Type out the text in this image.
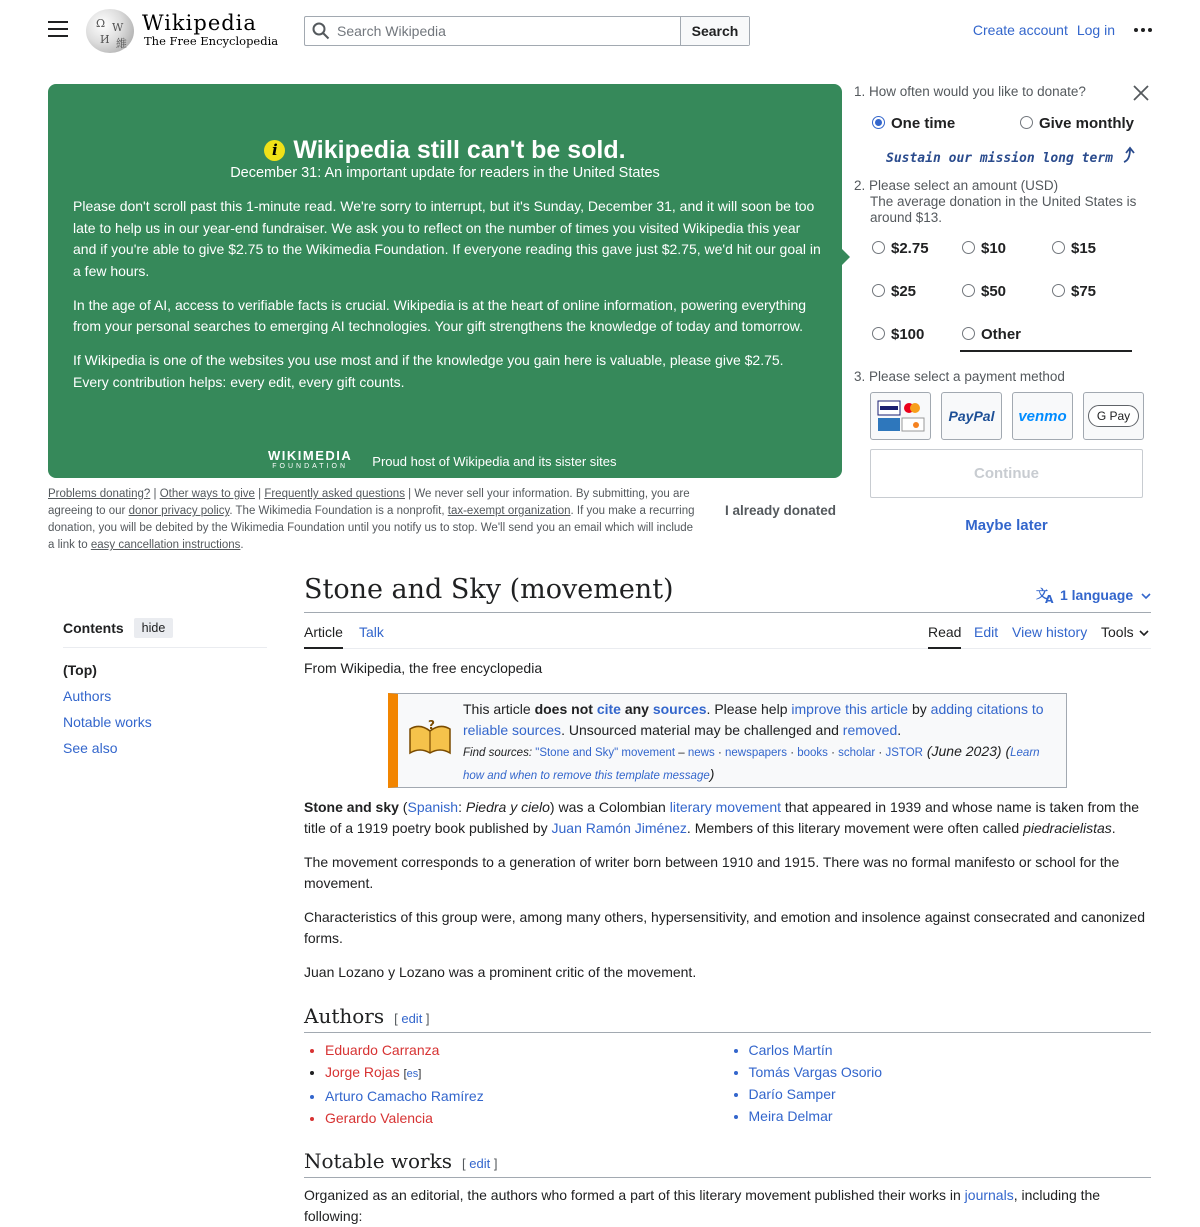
Ω W
И 維
Wikipedia
The Free Encyclopedia
Search Wikipedia
Search	Create account Log in
i Wikipedia still can't be sold.
December 31: An important update for readers in the United States

Please don't scroll past this 1-minute read. We're sorry to interrupt, but it's Sunday, December 31, and it will soon be too late to help us in our year-end fundraiser. We ask you to reflect on the number of times you visited Wikipedia this year and if you're able to give $2.75 to the Wikimedia Foundation. If everyone reading this gave just $2.75, we'd hit our goal in a few hours.

In the age of AI, access to verifiable facts is crucial. Wikipedia is at the heart of online information, powering everything from your personal searches to emerging AI technologies. Your gift strengthens the knowledge of today and tomorrow.

If Wikipedia is one of the websites you use most and if the knowledge you gain here is valuable, please give $2.75. Every contribution helps: every edit, every gift counts.

WIKIMEDIA
FOUNDATION	Proud host of Wikipedia and its sister sites
Problems donating? | Other ways to give | Frequently asked questions | We never sell your information. By submitting, you are agreeing to our donor privacy policy. The Wikimedia Foundation is a nonprofit, tax-exempt organization. If you make a recurring donation, you will be debited by the Wikimedia Foundation until you notify us to stop. We'll send you an email which will include a link to easy cancellation instructions.
I already donated
1. How often would you like to donate?
One time	Give monthly
Sustain our mission long term
2. Please select an amount (USD)
The average donation in the United States is around $13.
$2.75	$10	$15
$25	$50	$75
$100	Other
3. Please select a payment method
PayPal	venmo	G Pay
Continue
Maybe later
Contents	hide
(Top)
Authors
Notable works
See also
Stone and Sky (movement)	文
A 1 language
Article Talk	Read Edit View history Tools
From Wikipedia, the free encyclopedia
?
This article does not cite any sources. Please help improve this article by adding citations to reliable sources. Unsourced material may be challenged and removed.
Find sources: "Stone and Sky" movement – news · newspapers · books · scholar · JSTOR (June 2023) (Learn how and when to remove this template message)

Stone and sky (Spanish: Piedra y cielo) was a Colombian literary movement that appeared in 1939 and whose name is taken from the title of a 1919 poetry book published by Juan Ramón Jiménez. Members of this literary movement were often called piedracielistas.

The movement corresponds to a generation of writer born between 1910 and 1915. There was no formal manifesto or school for the movement.

Characteristics of this group were, among many others, hypersensitivity, and emotion and insolence against consecrated and canonized forms.

Juan Lozano y Lozano was a prominent critic of the movement.

Authors [ edit ]
• Eduardo Carranza
• Jorge Rojas [es]
• Arturo Camacho Ramírez
• Gerardo Valencia
• Carlos Martín
• Tomás Vargas Osorio
• Darío Samper
• Meira Delmar
Notable works [ edit ]

Organized as an editorial, the authors who formed a part of this literary movement published their works in journals, including the following:
